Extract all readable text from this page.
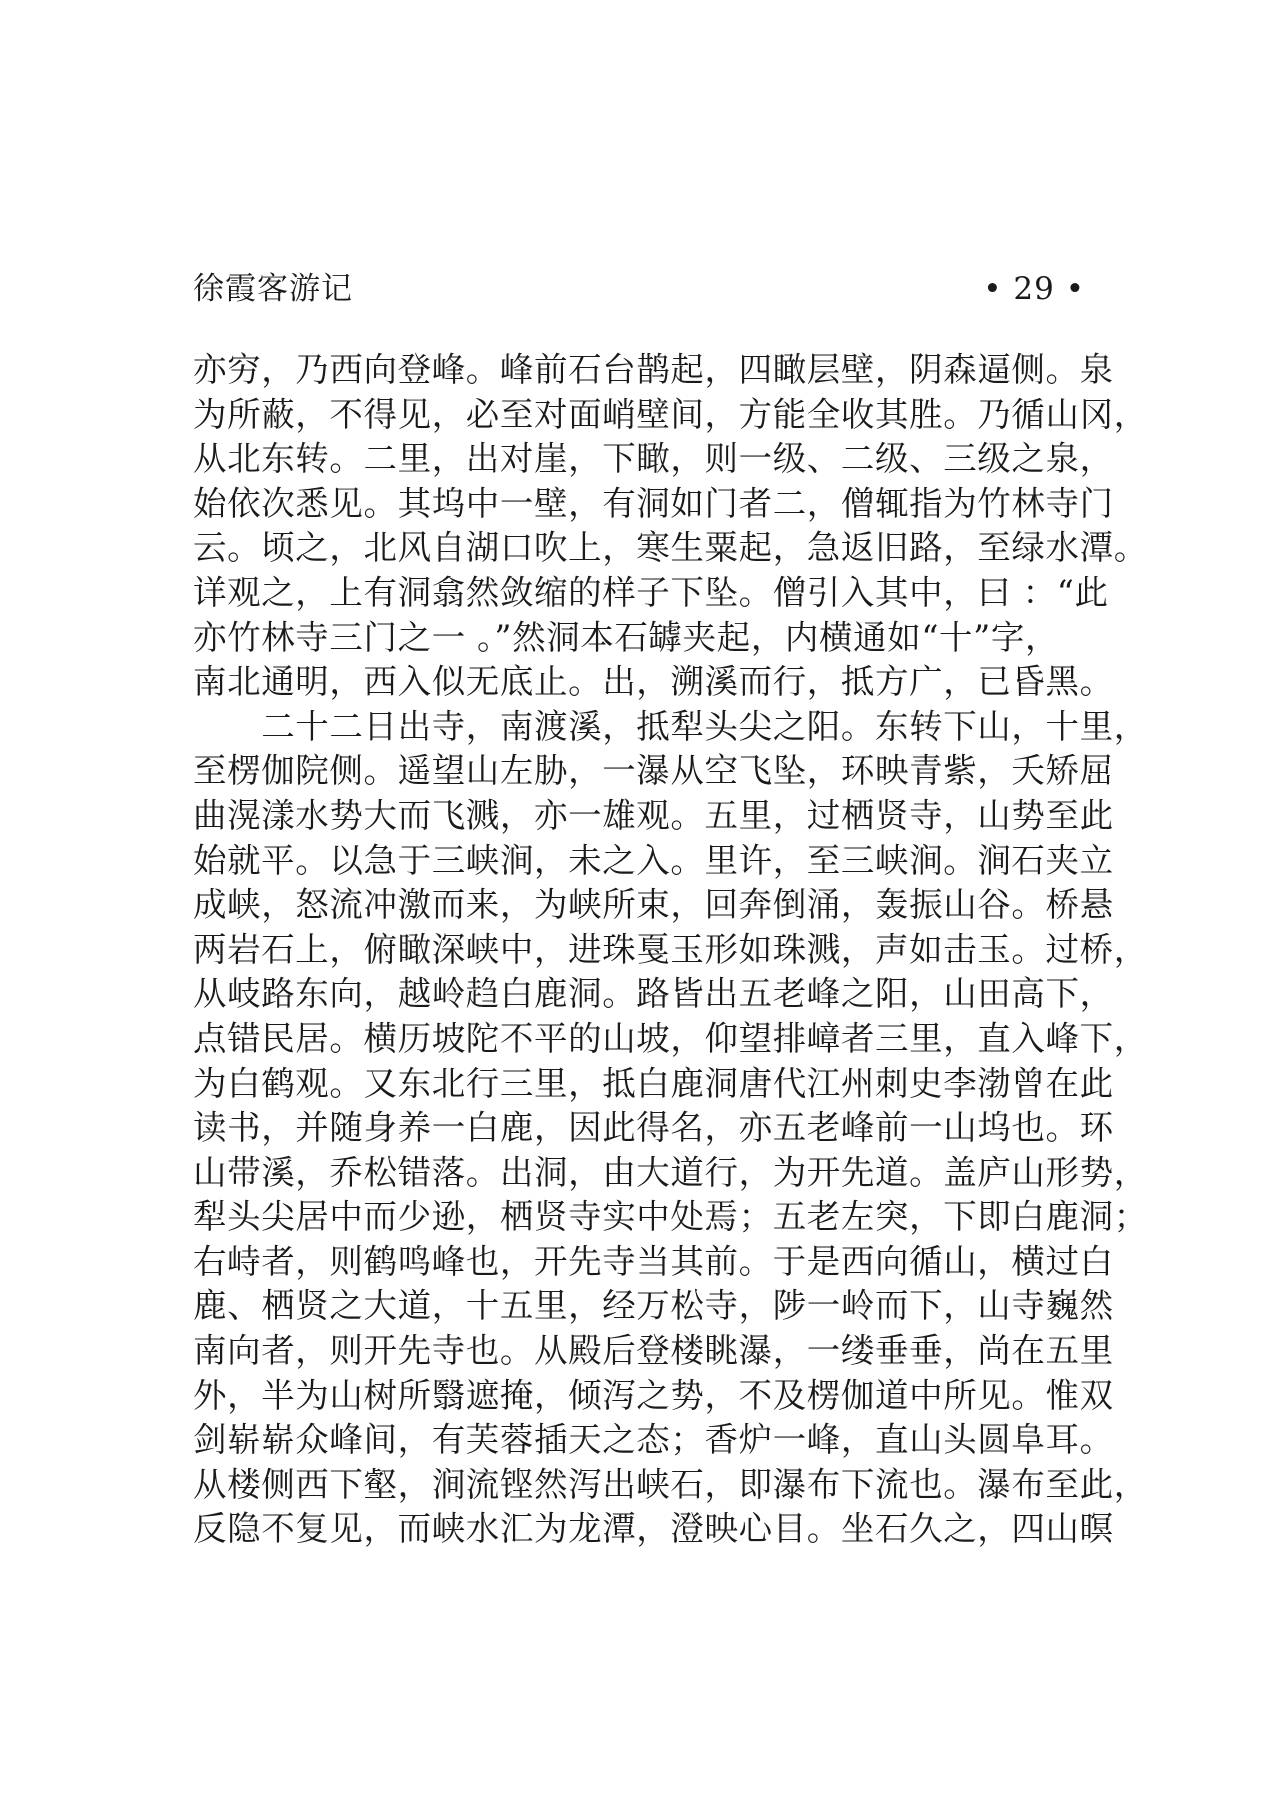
徐霞客游记	• 29 •
亦穷，乃西向登峰。峰前石台鹊起，四瞰层壁，阴森逼侧。泉
为所蔽，不得见，必至对面峭壁间，方能全收其胜。乃循山冈，
从北东转。二里，出对崖，下瞰，则一级、二级、三级之泉，
始依次悉见。其坞中一壁，有洞如门者二，僧辄指为竹林寺门
云。顷之，北风自湖口吹上，寒生粟起，急返旧路，至绿水潭。
详观之，上有洞翕然敛缩的样子下坠。僧引入其中，曰 ：“此
亦竹林寺三门之一 。”然洞本石罅夹起，内横通如“十”字，
南北通明，西入似无底止。出，溯溪而行，抵方广，已昏黑。
　　二十二日出寺，南渡溪，抵犁头尖之阳。东转下山，十里，
至楞伽院侧。遥望山左胁，一瀑从空飞坠，环映青紫，夭矫屈
曲滉漾水势大而飞溅，亦一雄观。五里，过栖贤寺，山势至此
始就平。以急于三峡涧，未之入。里许，至三峡涧。涧石夹立
成峡，怒流冲激而来，为峡所束，回奔倒涌，轰振山谷。桥悬
两岩石上，俯瞰深峡中，进珠戛玉形如珠溅，声如击玉。过桥，
从岐路东向，越岭趋白鹿洞。路皆出五老峰之阳，山田高下，
点错民居。横历坡陀不平的山坡，仰望排嶂者三里，直入峰下，
为白鹤观。又东北行三里，抵白鹿洞唐代江州刺史李渤曾在此
读书，并随身养一白鹿，因此得名，亦五老峰前一山坞也。环
山带溪，乔松错落。出洞，由大道行，为开先道。盖庐山形势，
犁头尖居中而少逊，栖贤寺实中处焉；五老左突，下即白鹿洞；
右峙者，则鹤鸣峰也，开先寺当其前。于是西向循山，横过白
鹿、栖贤之大道，十五里，经万松寺，陟一岭而下，山寺巍然
南向者，则开先寺也。从殿后登楼眺瀑，一缕垂垂，尚在五里
外，半为山树所翳遮掩，倾泻之势，不及楞伽道中所见。惟双
剑崭崭众峰间，有芙蓉插天之态；香炉一峰，直山头圆阜耳。
从楼侧西下壑，涧流铿然泻出峡石，即瀑布下流也。瀑布至此，
反隐不复见，而峡水汇为龙潭，澄映心目。坐石久之，四山暝
